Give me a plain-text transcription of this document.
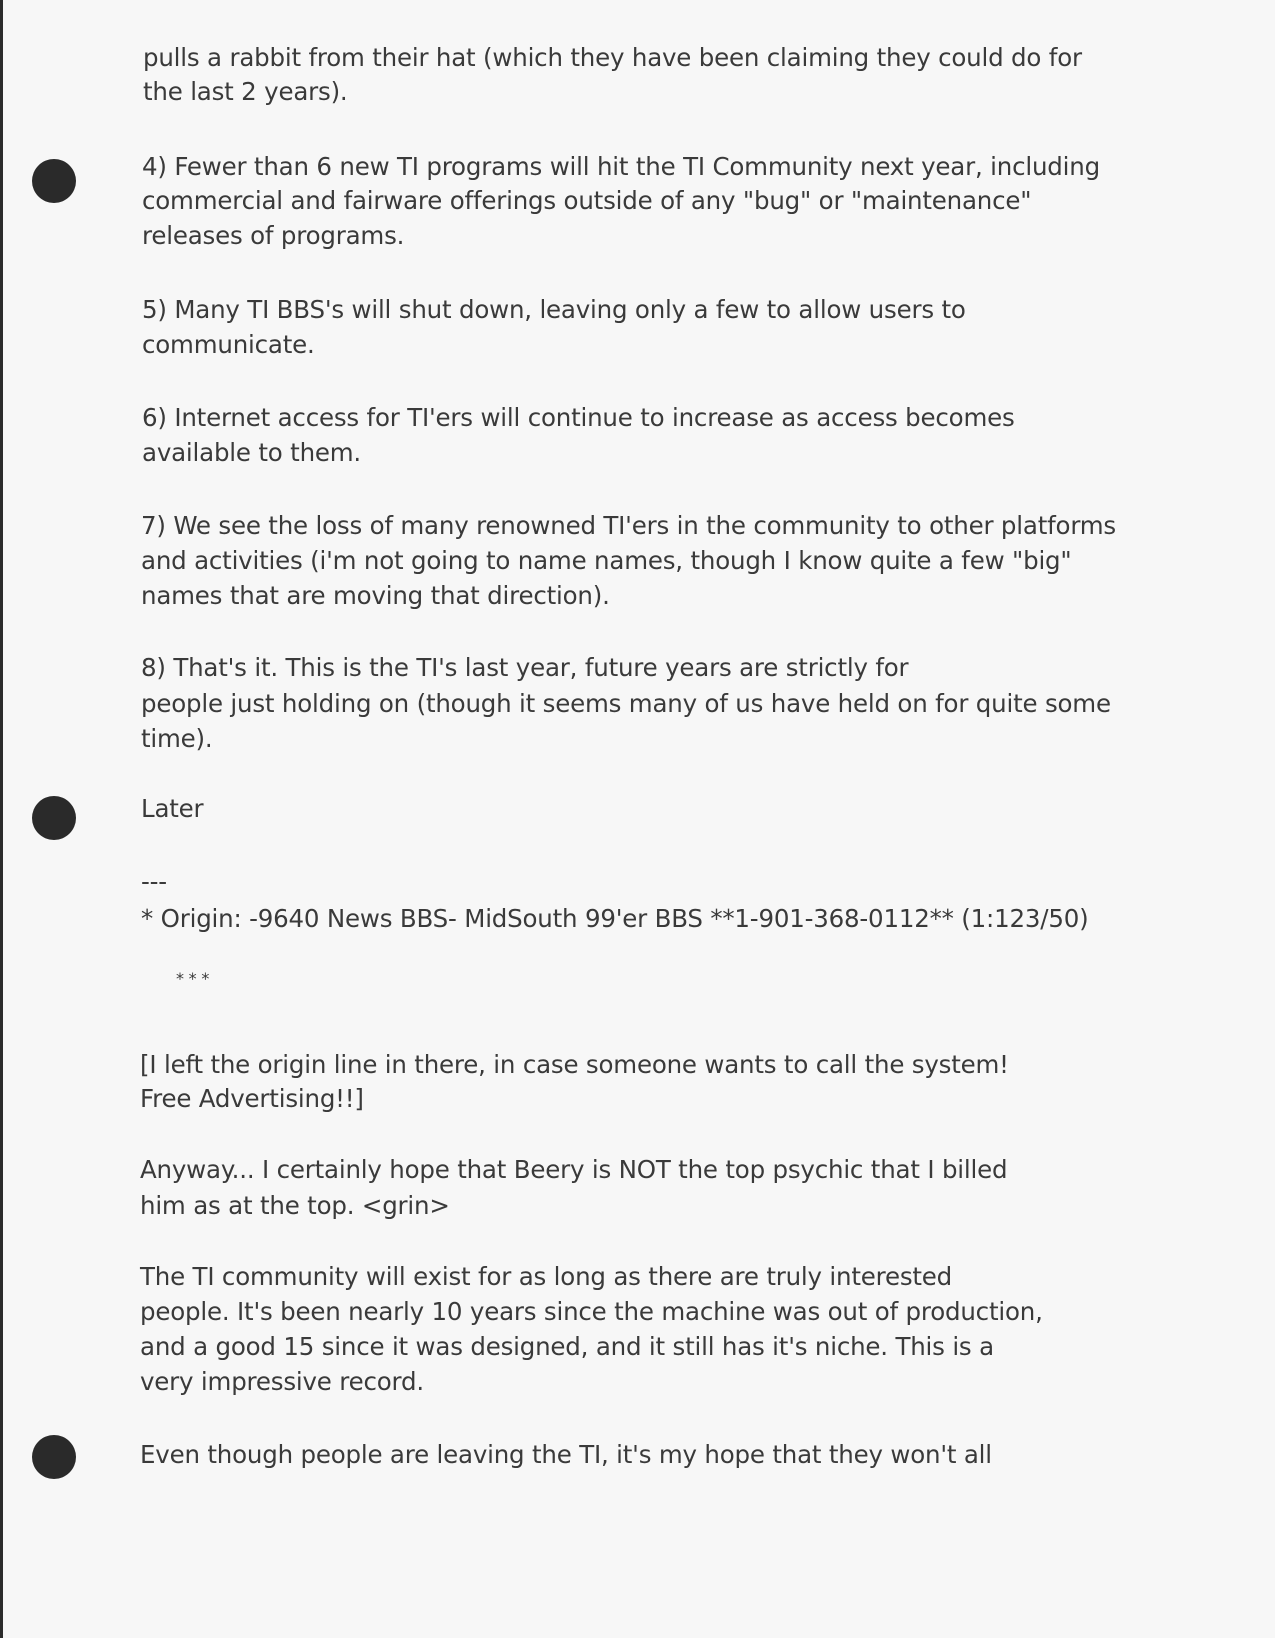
pulls a rabbit from their hat (which they have been claiming they could do for
the last 2 years).
4) Fewer than 6 new TI programs will hit the TI Community next year, including
commercial and fairware offerings outside of any "bug" or "maintenance"
releases of programs.
5) Many TI BBS's will shut down, leaving only a few to allow users to
communicate.
6) Internet access for TI'ers will continue to increase as access becomes
available to them.
7) We see the loss of many renowned TI'ers in the community to other platforms
and activities (i'm not going to name names, though I know quite a few "big"
names that are moving that direction).
8) That's it. This is the TI's last year, future years are strictly for
people just holding on (though it seems many of us have held on for quite some
time).
Later
---
* Origin: -9640 News BBS- MidSouth 99'er BBS **1-901-368-0112** (1:123/50)
* * *
[I left the origin line in there, in case someone wants to call the system!
Free Advertising!!]
Anyway... I certainly hope that Beery is NOT the top psychic that I billed
him as at the top. <grin>
The TI community will exist for as long as there are truly interested
people. It's been nearly 10 years since the machine was out of production,
and a good 15 since it was designed, and it still has it's niche. This is a
very impressive record.
Even though people are leaving the TI, it's my hope that they won't all
